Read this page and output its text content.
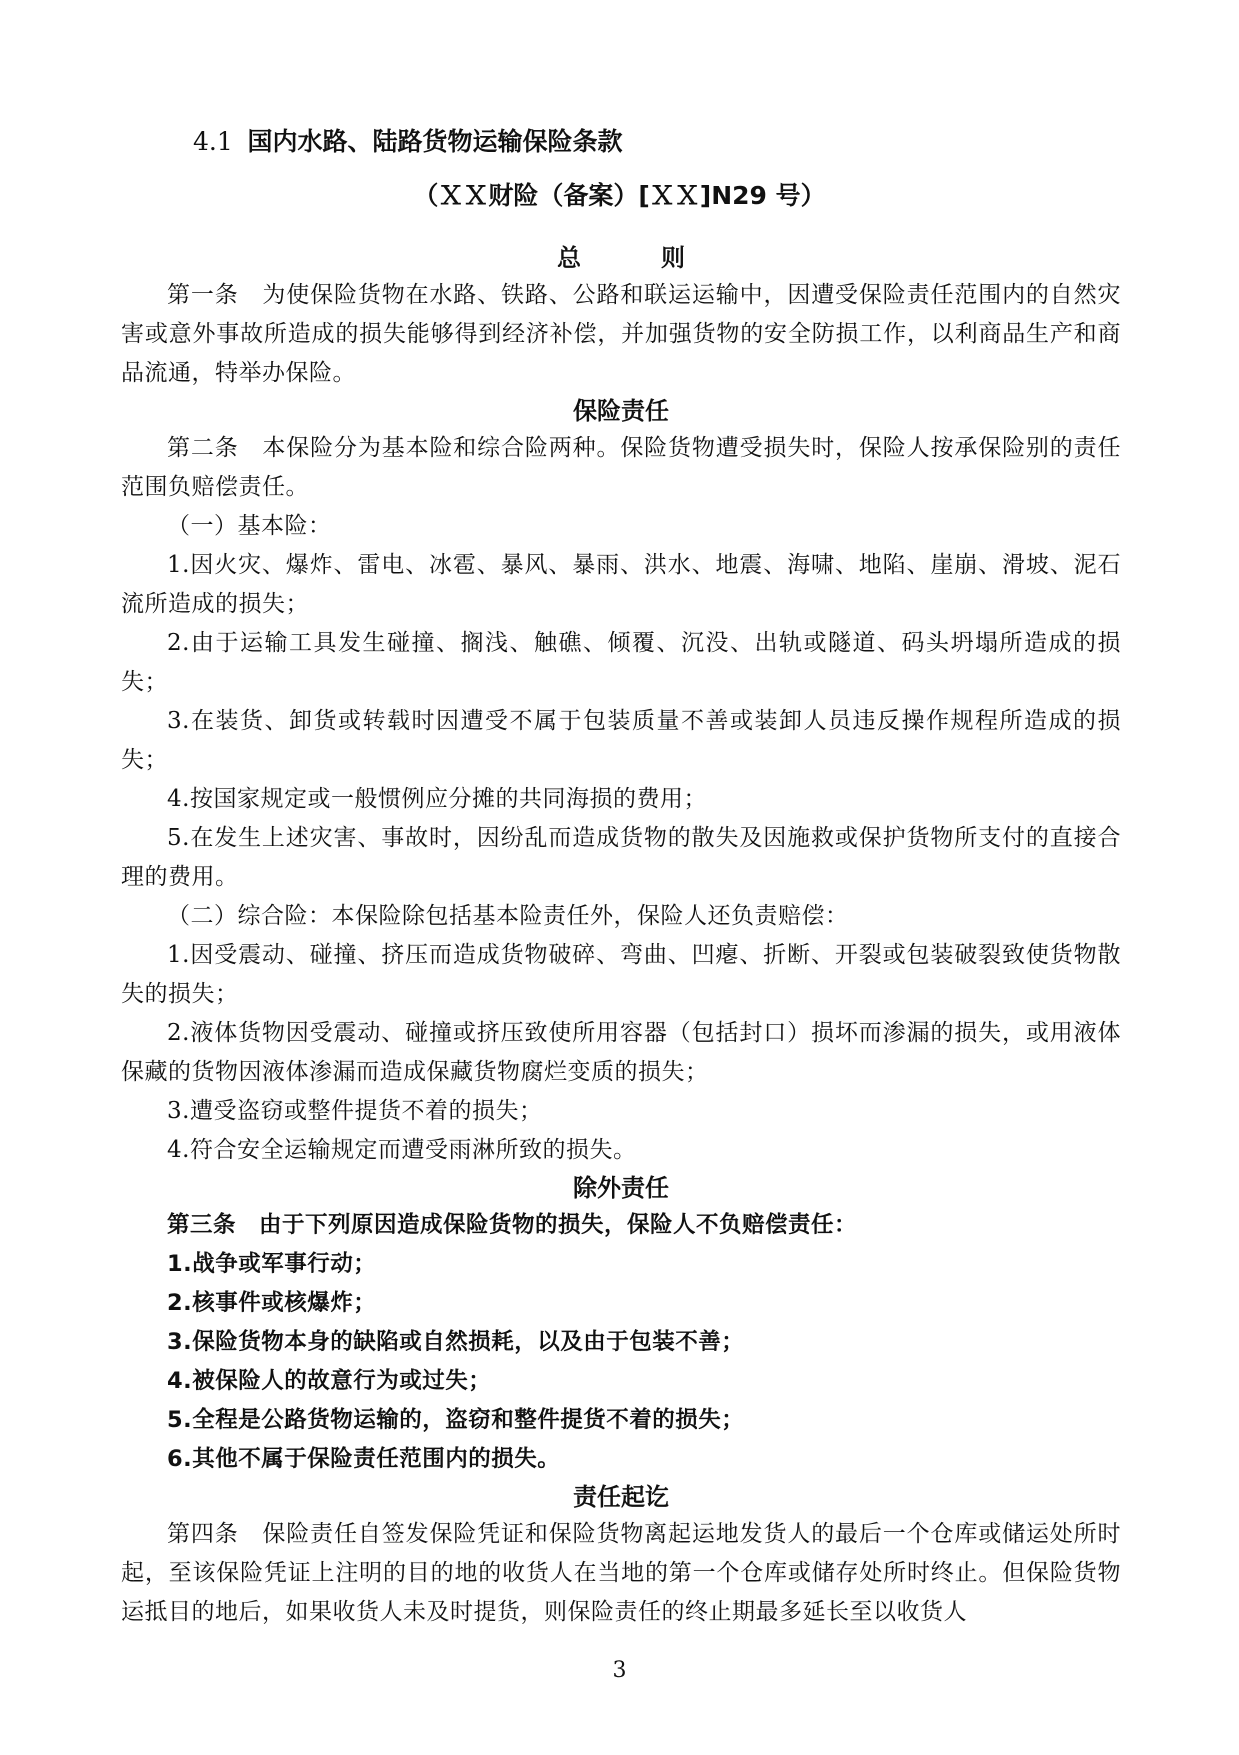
4.1 国内水路、陆路货物运输保险条款
（ＸＸ财险（备案）[ＸＸ]N29 号）
总　则

第一条　为使保险货物在水路、铁路、公路和联运运输中，因遭受保险责任范围内的自然灾害或意外事故所造成的损失能够得到经济补偿，并加强货物的安全防损工作，以利商品生产和商品流通，特举办保险。

保险责任

第二条　本保险分为基本险和综合险两种。保险货物遭受损失时，保险人按承保险别的责任范围负赔偿责任。

（一）基本险：

1.因火灾、爆炸、雷电、冰雹、暴风、暴雨、洪水、地震、海啸、地陷、崖崩、滑坡、泥石流所造成的损失；

2.由于运输工具发生碰撞、搁浅、触礁、倾覆、沉没、出轨或隧道、码头坍塌所造成的损失；

3.在装货、卸货或转载时因遭受不属于包装质量不善或装卸人员违反操作规程所造成的损失；

4.按国家规定或一般惯例应分摊的共同海损的费用；

5.在发生上述灾害、事故时，因纷乱而造成货物的散失及因施救或保护货物所支付的直接合理的费用。

（二）综合险：本保险除包括基本险责任外，保险人还负责赔偿：

1.因受震动、碰撞、挤压而造成货物破碎、弯曲、凹瘪、折断、开裂或包装破裂致使货物散失的损失；

2.液体货物因受震动、碰撞或挤压致使所用容器（包括封口）损坏而渗漏的损失，或用液体保藏的货物因液体渗漏而造成保藏货物腐烂变质的损失；

3.遭受盗窃或整件提货不着的损失；

4.符合安全运输规定而遭受雨淋所致的损失。

除外责任

第三条　由于下列原因造成保险货物的损失，保险人不负赔偿责任：

1.战争或军事行动；

2.核事件或核爆炸；

3.保险货物本身的缺陷或自然损耗，以及由于包装不善；

4.被保险人的故意行为或过失；

5.全程是公路货物运输的，盗窃和整件提货不着的损失；

6.其他不属于保险责任范围内的损失。

责任起讫

第四条　保险责任自签发保险凭证和保险货物离起运地发货人的最后一个仓库或储运处所时起，至该保险凭证上注明的目的地的收货人在当地的第一个仓库或储存处所时终止。但保险货物运抵目的地后，如果收货人未及时提货，则保险责任的终止期最多延长至以收货人

3
